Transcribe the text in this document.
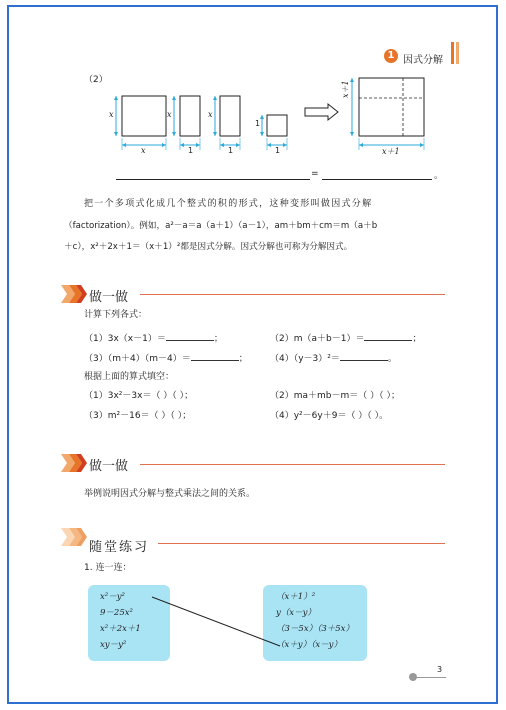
1 因式分解
（2）
x	x	x
1
x	1	1	1	x＋1
x＋1
=	。
把一个多项式化成几个整式的积的形式，这种变形叫做因式分解
（factorization）。例如，a²－a＝a（a＋1）（a－1），am＋bm＋cm＝m（a＋b
＋c），x²＋2x＋1＝（x＋1）²都是因式分解。因式分解也可称为分解因式。
做一做
计算下列各式：
（1）3x（x－1）＝	；	（2）m（a＋b－1）＝	；
（3）（m＋4）（m－4）＝	； （4）（y－3）²＝	。
根据上面的算式填空：
（1）3x²－3x＝（ ）（ ）；	（2）ma＋mb－m＝（ ）（ ）；
（3）m²－16＝（ ）（ ）；	（4）y²－6y＋9＝（ ）（ ）。
做一做
举例说明因式分解与整式乘法之间的关系。
随堂练习
1. 连一连：
x²－y²
9－25x²
x²＋2x＋1
xy－y²
（x＋1）²
y（x－y）
（3－5x）（3＋5x）
（x＋y）（x－y）
3
